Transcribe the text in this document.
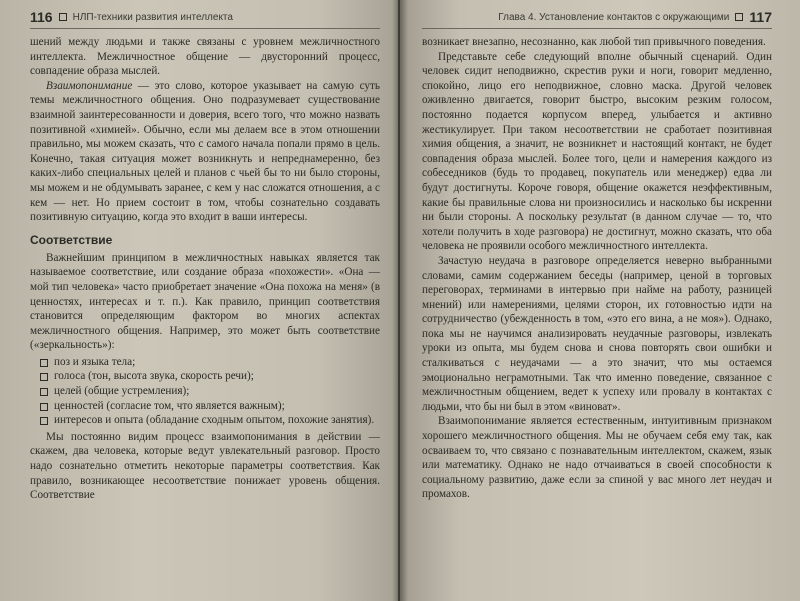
116 НЛП-техники развития интеллекта

шений между людьми и также связаны с уровнем межличностного интеллекта. Межличностное общение — двусторонний процесс, совпадение образа мыслей.

Взаимопонимание — это слово, которое указывает на самую суть темы межличностного общения. Оно подразумевает существование взаимной заинтересованности и доверия, всего того, что можно назвать позитивной «химией». Обычно, если мы делаем все в этом отношении правильно, мы можем сказать, что с самого начала попали прямо в цель. Конечно, такая ситуация может возникнуть и непреднамеренно, без каких-либо специальных целей и планов с чьей бы то ни было стороны, мы можем и не обдумывать заранее, с кем у нас сложатся отношения, а с кем — нет. Но прием состоит в том, чтобы сознательно создавать позитивную ситуацию, когда это входит в ваши интересы.

Соответствие

Важнейшим принципом в межличностных навыках является так называемое соответствие, или создание образа «похожести». «Она — мой тип человека» часто приобретает значение «Она похожа на меня» (в ценностях, интересах и т. п.). Как правило, принцип соответствия становится определяющим фактором во многих аспектах межличностного общения. Например, это может быть соответствие («зеркальность»):

поз и языка тела;
голоса (тон, высота звука, скорость речи);
целей (общие устремления);
ценностей (согласие том, что является важным);
интересов и опыта (обладание сходным опытом, похожие занятия).

Мы постоянно видим процесс взаимопонимания в действии — скажем, два человека, которые ведут увлекательный разговор. Просто надо сознательно отметить некоторые параметры соответствия. Как правило, возникающее несоответствие понижает уровень общения. Соответствие

Глава 4. Установление контактов с окружающими 117

возникает внезапно, несознанно, как любой тип привычного поведения.

Представьте себе следующий вполне обычный сценарий. Один человек сидит неподвижно, скрестив руки и ноги, говорит медленно, спокойно, лицо его неподвижное, словно маска. Другой человек оживленно двигается, говорит быстро, высоким резким голосом, постоянно подается корпусом вперед, улыбается и активно жестикулирует. При таком несоответствии не сработает позитивная химия общения, а значит, не возникнет и настоящий контакт, не будет совпадения образа мыслей. Более того, цели и намерения каждого из собеседников (будь то продавец, покупатель или менеджер) едва ли будут достигнуты. Короче говоря, общение окажется неэффективным, какие бы правильные слова ни произносились и насколько бы искренни ни были стороны. А поскольку результат (в данном случае — то, что хотели получить в ходе разговора) не достигнут, можно сказать, что оба человека не проявили особого межличностного интеллекта.

Зачастую неудача в разговоре определяется неверно выбранными словами, самим содержанием беседы (например, ценой в торговых переговорах, терминами в интервью при найме на работу, разницей мнений) или намерениями, целями сторон, их готовностью идти на сотрудничество (убежденность в том, «это его вина, а не моя»). Однако, пока мы не научимся анализировать неудачные разговоры, извлекать уроки из опыта, мы будем снова и снова повторять свои ошибки и сталкиваться с неудачами — а это значит, что мы остаемся эмоционально неграмотными. Так что именно поведение, связанное с межличностным общением, ведет к успеху или провалу в контактах с людьми, что бы ни был в этом «виноват».

Взаимопонимание является естественным, интуитивным признаком хорошего межличностного общения. Мы не обучаем себя ему так, как осваиваем то, что связано с познавательным интеллектом, скажем, язык или математику. Однако не надо отчаиваться в своей способности к социальному развитию, даже если за спиной у вас много лет неудач и промахов.
